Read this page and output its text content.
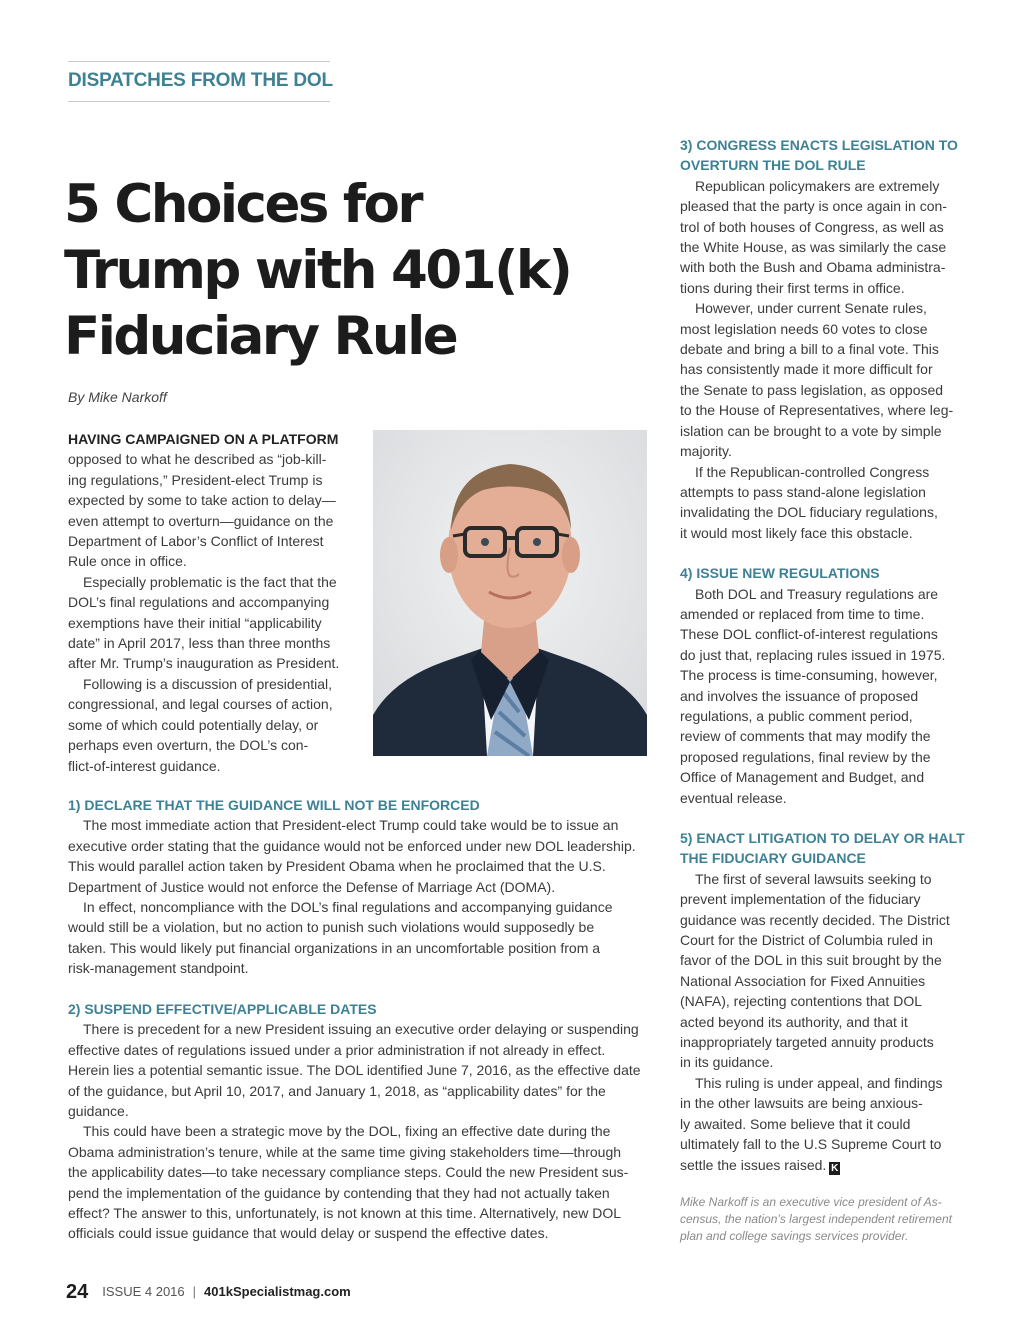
DISPATCHES FROM THE DOL
5 Choices for
Trump with 401(k)
Fiduciary Rule
By Mike Narkoff

HAVING CAMPAIGNED ON A PLATFORM
opposed to what he described as “job-kill-
ing regulations,” President-elect Trump is
expected by some to take action to delay—
even attempt to overturn—guidance on the
Department of Labor’s Conflict of Interest
Rule once in office.

Especially problematic is the fact that the
DOL’s final regulations and accompanying
exemptions have their initial “applicability
date” in April 2017, less than three months
after Mr. Trump’s inauguration as President.

Following is a discussion of presidential,
congressional, and legal courses of action,
some of which could potentially delay, or
perhaps even overturn, the DOL’s con-
flict-of-interest guidance.

1) DECLARE THAT THE GUIDANCE WILL NOT BE ENFORCED

The most immediate action that President-elect Trump could take would be to issue an
executive order stating that the guidance would not be enforced under new DOL leadership.
This would parallel action taken by President Obama when he proclaimed that the U.S.
Department of Justice would not enforce the Defense of Marriage Act (DOMA).

In effect, noncompliance with the DOL’s final regulations and accompanying guidance
would still be a violation, but no action to punish such violations would supposedly be
taken. This would likely put financial organizations in an uncomfortable position from a
risk-management standpoint.

2) SUSPEND EFFECTIVE/APPLICABLE DATES

There is precedent for a new President issuing an executive order delaying or suspending
effective dates of regulations issued under a prior administration if not already in effect.
Herein lies a potential semantic issue. The DOL identified June 7, 2016, as the effective date
of the guidance, but April 10, 2017, and January 1, 2018, as “applicability dates” for the
guidance.

This could have been a strategic move by the DOL, fixing an effective date during the
Obama administration’s tenure, while at the same time giving stakeholders time—through
the applicability dates—to take necessary compliance steps. Could the new President sus-
pend the implementation of the guidance by contending that they had not actually taken
effect? The answer to this, unfortunately, is not known at this time. Alternatively, new DOL
officials could issue guidance that would delay or suspend the effective dates.

3) CONGRESS ENACTS LEGISLATION TO
OVERTURN THE DOL RULE

Republican policymakers are extremely
pleased that the party is once again in con-
trol of both houses of Congress, as well as
the White House, as was similarly the case
with both the Bush and Obama administra-
tions during their first terms in office.

However, under current Senate rules,
most legislation needs 60 votes to close
debate and bring a bill to a final vote. This
has consistently made it more difficult for
the Senate to pass legislation, as opposed
to the House of Representatives, where leg-
islation can be brought to a vote by simple
majority.

If the Republican-controlled Congress
attempts to pass stand-alone legislation
invalidating the DOL fiduciary regulations,
it would most likely face this obstacle.

4) ISSUE NEW REGULATIONS

Both DOL and Treasury regulations are
amended or replaced from time to time.
These DOL conflict-of-interest regulations
do just that, replacing rules issued in 1975.
The process is time-consuming, however,
and involves the issuance of proposed
regulations, a public comment period,
review of comments that may modify the
proposed regulations, final review by the
Office of Management and Budget, and
eventual release.

5) ENACT LITIGATION TO DELAY OR HALT
THE FIDUCIARY GUIDANCE

The first of several lawsuits seeking to
prevent implementation of the fiduciary
guidance was recently decided. The District
Court for the District of Columbia ruled in
favor of the DOL in this suit brought by the
National Association for Fixed Annuities
(NAFA), rejecting contentions that DOL
acted beyond its authority, and that it
inappropriately targeted annuity products
in its guidance.

This ruling is under appeal, and findings
in the other lawsuits are being anxious-
ly awaited. Some believe that it could
ultimately fall to the U.S Supreme Court to
settle the issues raised. K

Mike Narkoff is an executive vice president of As-
census, the nation’s largest independent retirement
plan and college savings services provider.
24 ISSUE 4 2016 | 401kSpecialistmag.com
